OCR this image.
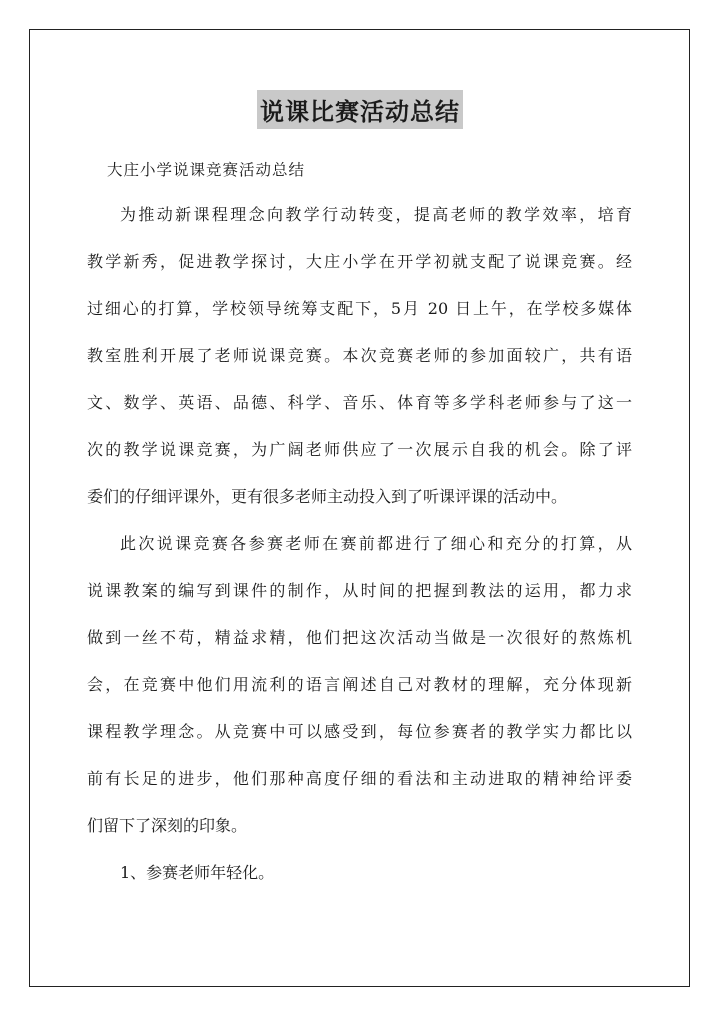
说课比赛活动总结
大庄小学说课竞赛活动总结
为推动新课程理念向教学行动转变，提高老师的教学效率，培育
教学新秀，促进教学探讨，大庄小学在开学初就支配了说课竞赛。经
过细心的打算，学校领导统筹支配下，5月 20 日上午，在学校多媒体
教室胜利开展了老师说课竞赛。本次竞赛老师的参加面较广，共有语
文、数学、英语、品德、科学、音乐、体育等多学科老师参与了这一
次的教学说课竞赛，为广阔老师供应了一次展示自我的机会。除了评
委们的仔细评课外，更有很多老师主动投入到了听课评课的活动中。
此次说课竞赛各参赛老师在赛前都进行了细心和充分的打算，从
说课教案的编写到课件的制作，从时间的把握到教法的运用，都力求
做到一丝不苟，精益求精，他们把这次活动当做是一次很好的熬炼机
会，在竞赛中他们用流利的语言阐述自己对教材的理解，充分体现新
课程教学理念。从竞赛中可以感受到，每位参赛者的教学实力都比以
前有长足的进步，他们那种高度仔细的看法和主动进取的精神给评委
们留下了深刻的印象。
1、参赛老师年轻化。
